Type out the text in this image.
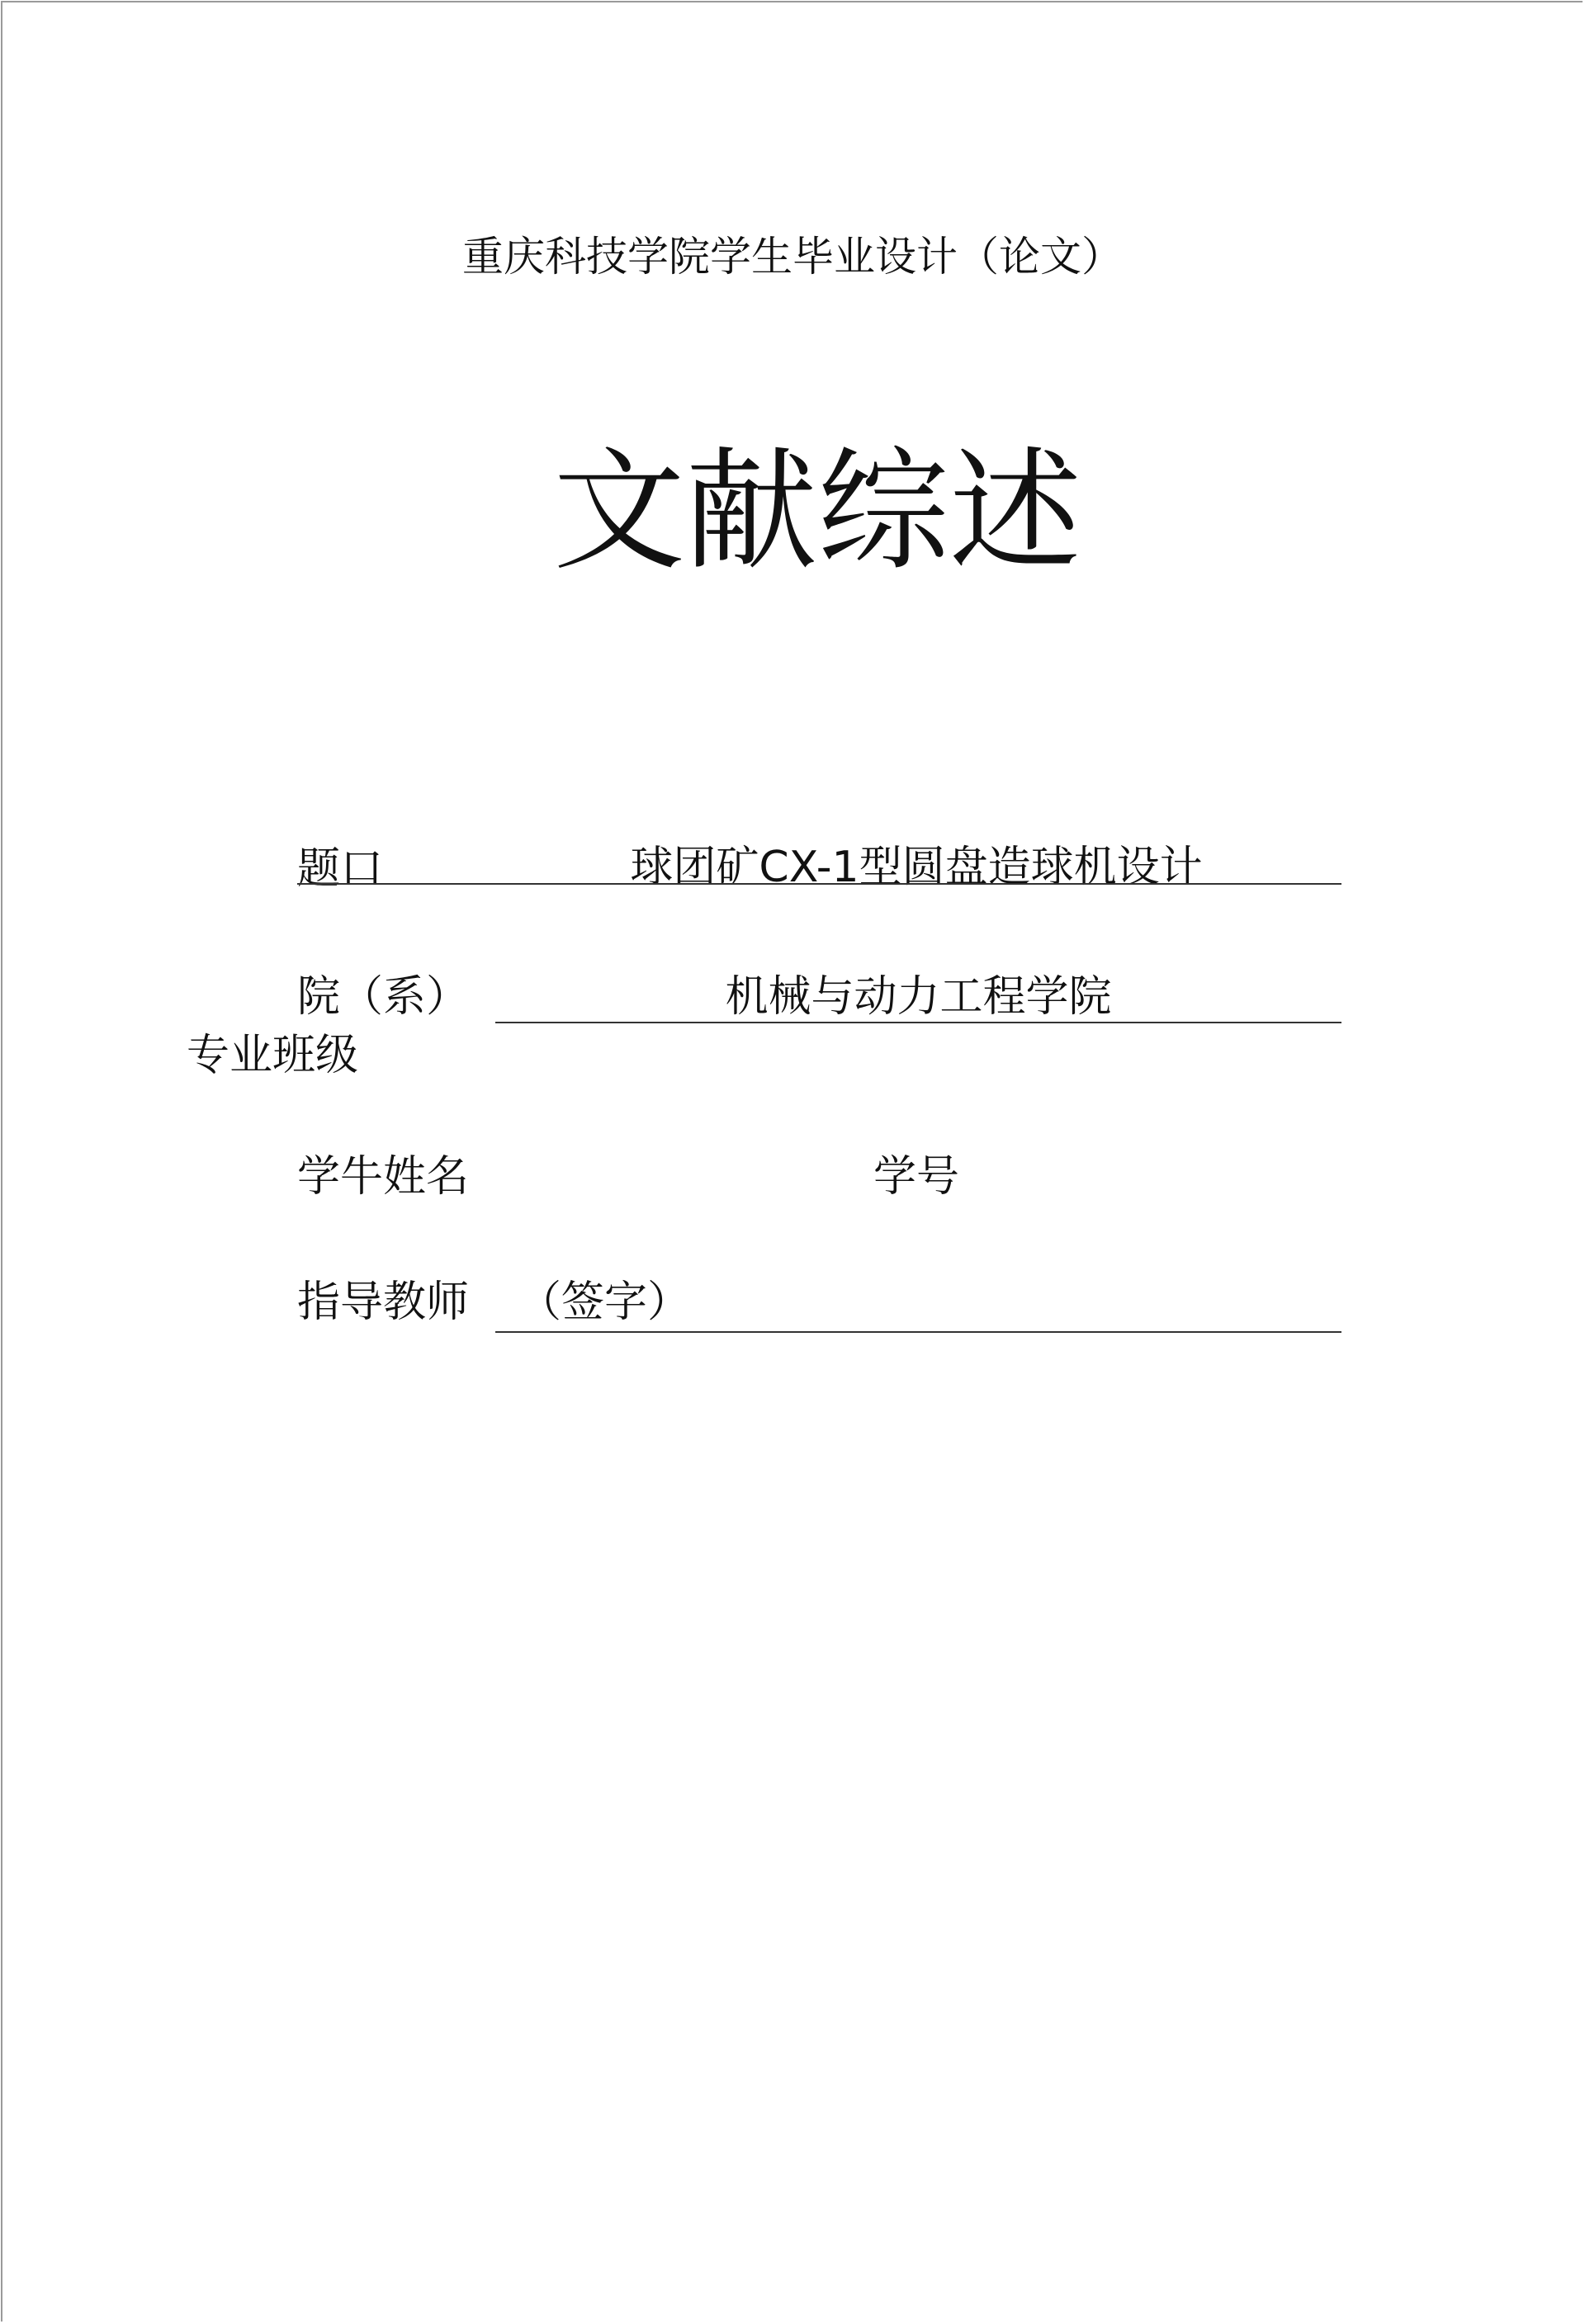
重庆科技学院学生毕业设计（论文）
文献综述
题口	球团矿CX-1型圆盘造球机设计
院（系）	机械与动力工程学院
专业班级
学牛姓名	学号
指导教师 （签字）
